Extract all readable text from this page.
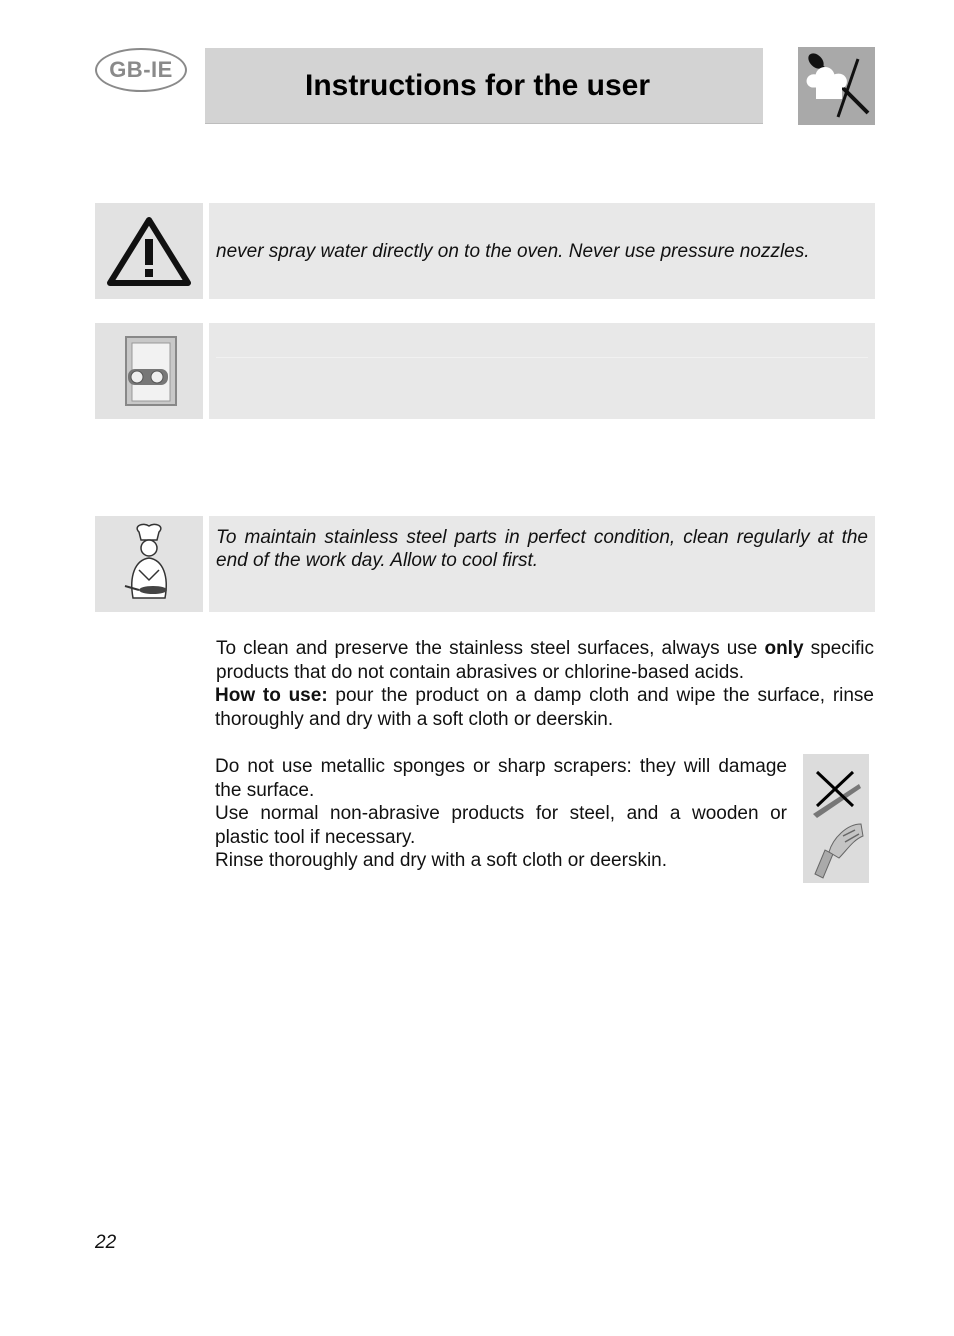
GB-IE	Instructions for the user

never spray water directly on to the oven. Never use pressure nozzles.

To maintain stainless steel parts in perfect condition, clean regularly at the end of the work day. Allow to cool first.

To clean and preserve the stainless steel surfaces, always use only specific products that do not contain abrasives or chlorine-based acids.

How to use: pour the product on a damp cloth and wipe the surface, rinse thoroughly and dry with a soft cloth or deerskin.

Do not use metallic sponges or sharp scrapers: they will damage the surface.

Use normal non-abrasive products for steel, and a wooden or plastic tool if necessary.

Rinse thoroughly and dry with a soft cloth or deerskin.

22
